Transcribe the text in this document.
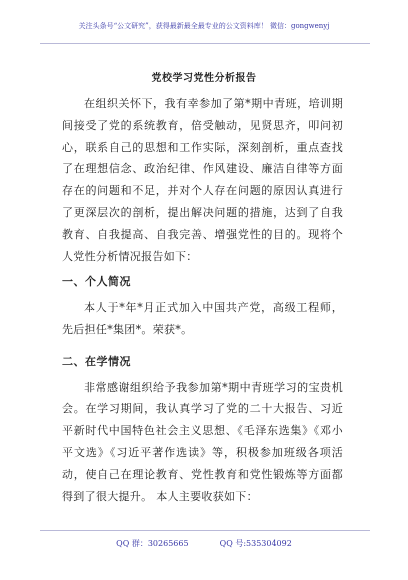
关注头条号“公文研究”，获得最新最全最专业的公文资料库！ 微信：gongwenyj
党校学习党性分析报告

在组织关怀下，我有幸参加了第*期中青班，培训期间接受了党的系统教育，倍受触动，见贤思齐，叩问初心，联系自己的思想和工作实际，深刻剖析，重点查找了在理想信念、政治纪律、作风建设、廉洁自律等方面存在的问题和不足，并对个人存在问题的原因认真进行了更深层次的剖析，提出解决问题的措施，达到了自我教育、自我提高、自我完善、增强党性的目的。现将个人党性分析情况报告如下：

一、个人简况

本人于*年*月正式加入中国共产党，高级工程师，先后担任*集团*。荣获*。

二、在学情况

非常感谢组织给予我参加第*期中青班学习的宝贵机会。在学习期间，我认真学习了党的二十大报告、习近平新时代中国特色社会主义思想、《毛泽东选集》《邓小平文选》《习近平著作选读》等，积极参加班级各项活动，使自己在理论教育、党性教育和党性锻炼等方面都得到了很大提升。 本人主要收获如下：

QQ 群：30265665	QQ 号:535304092
